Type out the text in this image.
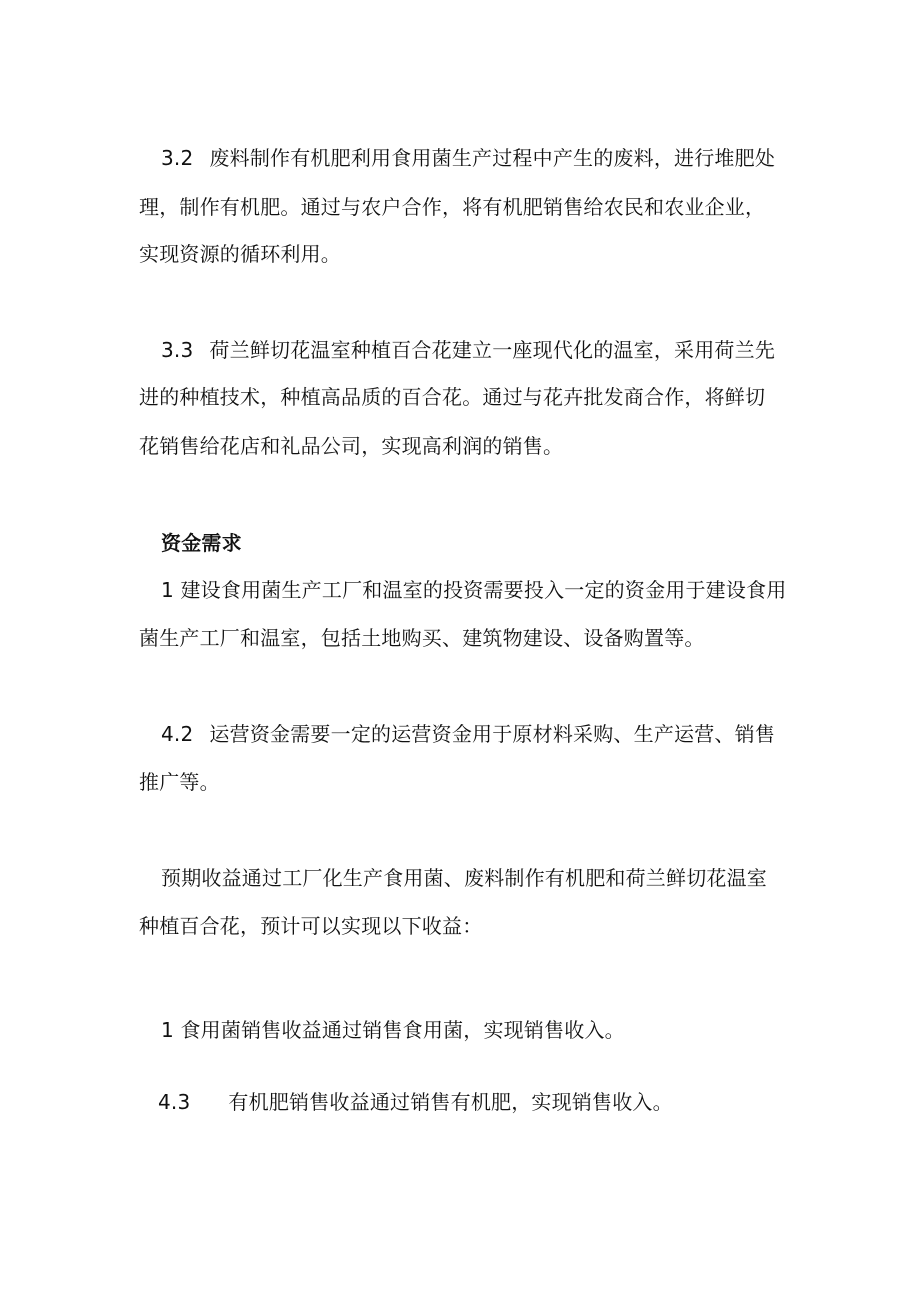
3.2 废料制作有机肥利用食用菌生产过程中产生的废料，进行堆肥处
理，制作有机肥。通过与农户合作，将有机肥销售给农民和农业企业，
实现资源的循环利用。
3.3 荷兰鲜切花温室种植百合花建立一座现代化的温室，采用荷兰先
进的种植技术，种植高品质的百合花。通过与花卉批发商合作，将鲜切
花销售给花店和礼品公司，实现高利润的销售。
资金需求
1 建设食用菌生产工厂和温室的投资需要投入一定的资金用于建设食用
菌生产工厂和温室，包括土地购买、建筑物建设、设备购置等。
4.2 运营资金需要一定的运营资金用于原材料采购、生产运营、销售
推广等。
预期收益通过工厂化生产食用菌、废料制作有机肥和荷兰鲜切花温室
种植百合花，预计可以实现以下收益：
1 食用菌销售收益通过销售食用菌，实现销售收入。
4.3 有机肥销售收益通过销售有机肥，实现销售收入。
